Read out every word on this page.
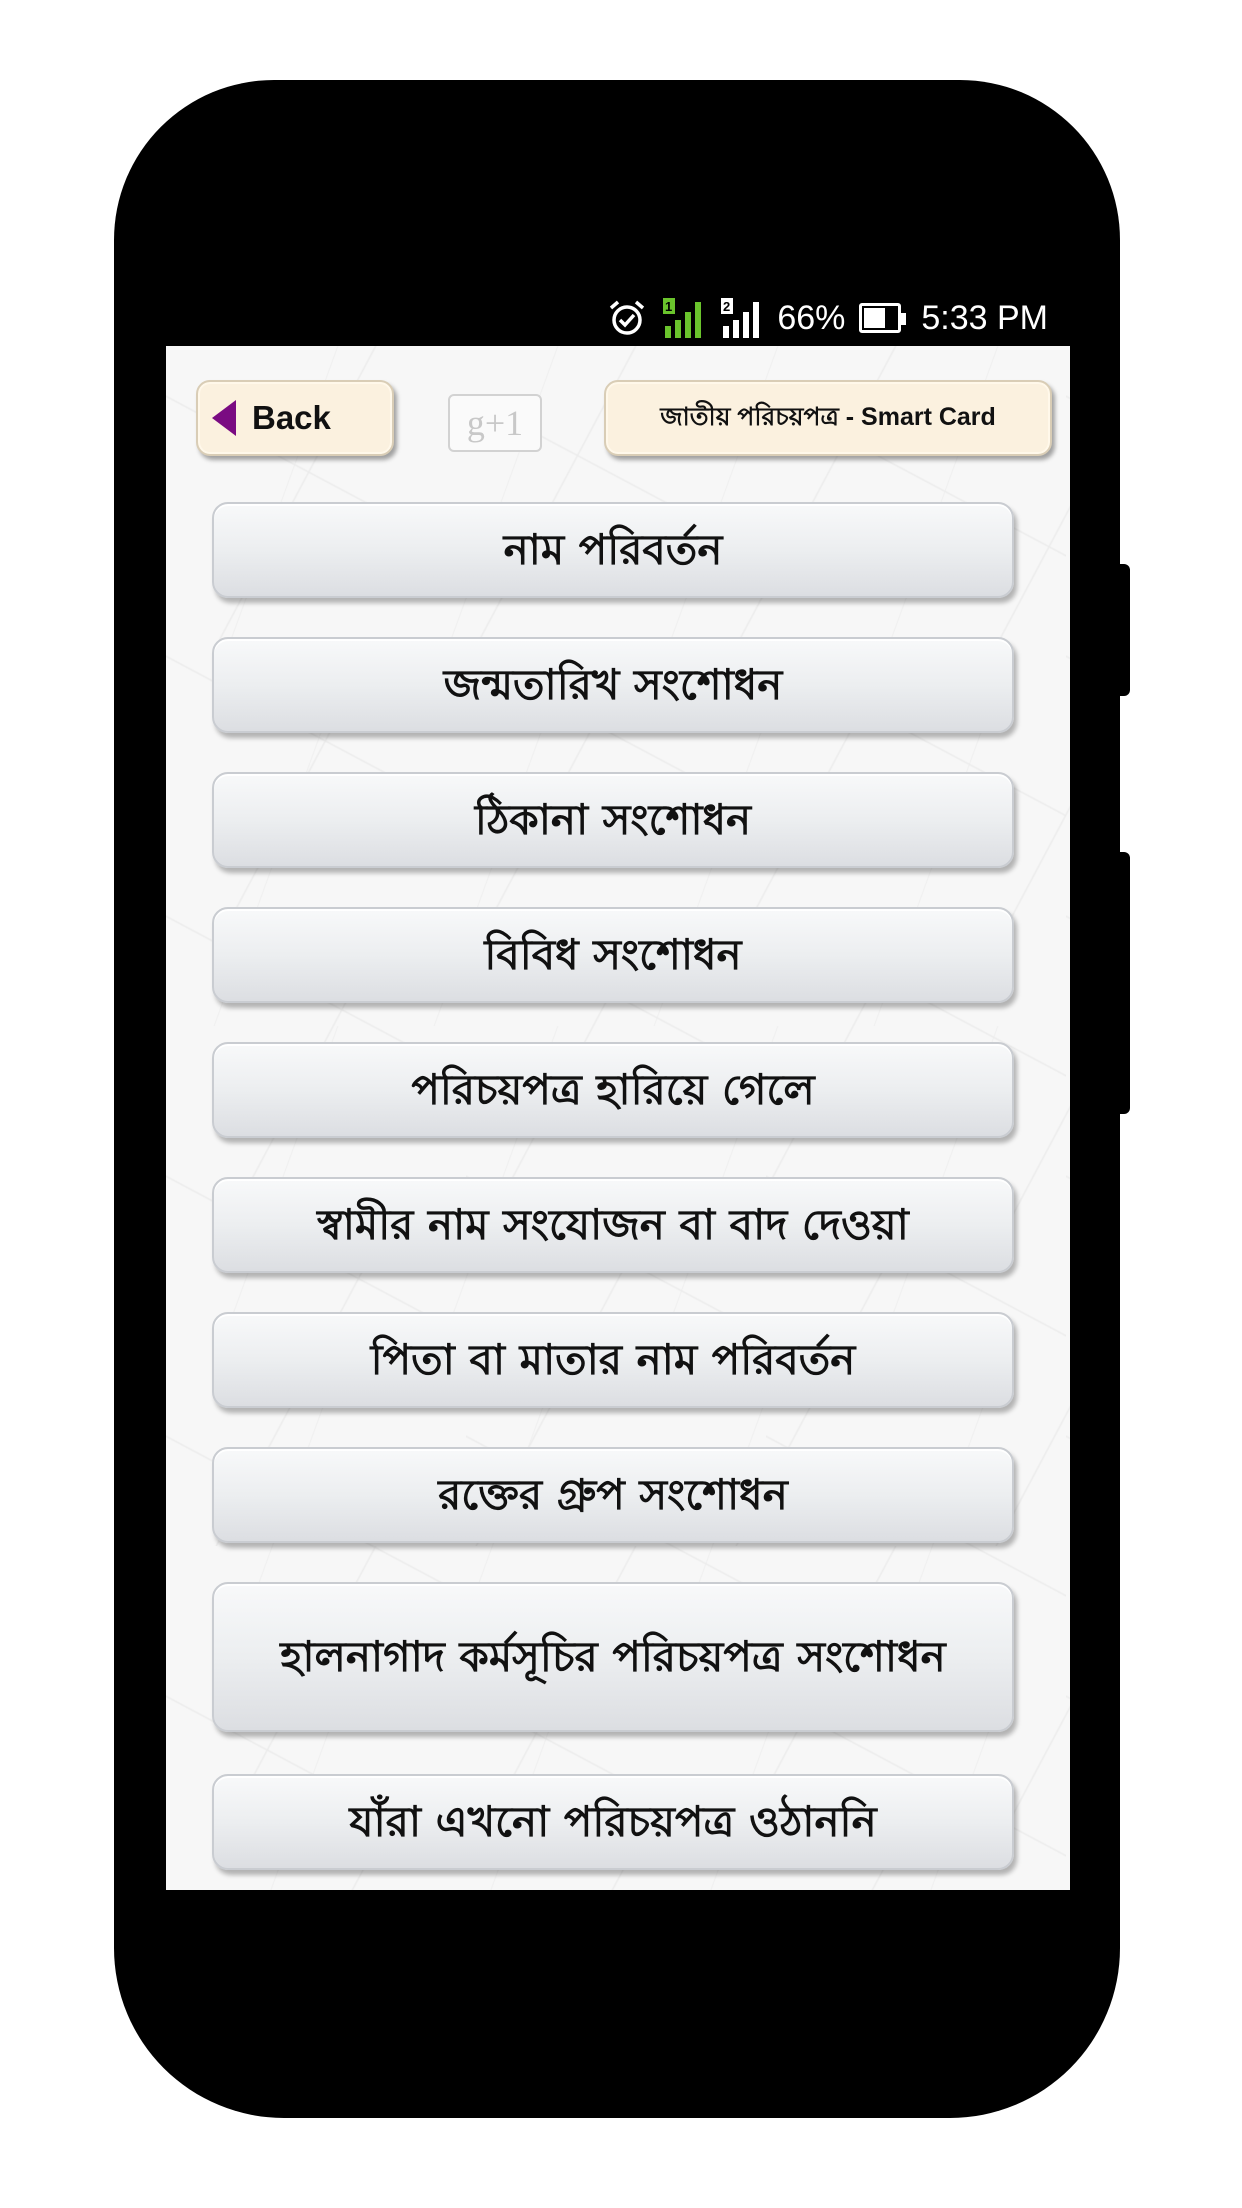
1	2 66% 5:33 PM
Back	g+1	জাতীয় পরিচয়পত্র - Smart Card
নাম পরিবর্তন
জন্মতারিখ সংশোধন
ঠিকানা সংশোধন
বিবিধ সংশোধন
পরিচয়পত্র হারিয়ে গেলে
স্বামীর নাম সংযোজন বা বাদ দেওয়া
পিতা বা মাতার নাম পরিবর্তন
রক্তের গ্রুপ সংশোধন
হালনাগাদ কর্মসূচির পরিচয়পত্র সংশোধন
যাঁরা এখনো পরিচয়পত্র ওঠাননি
